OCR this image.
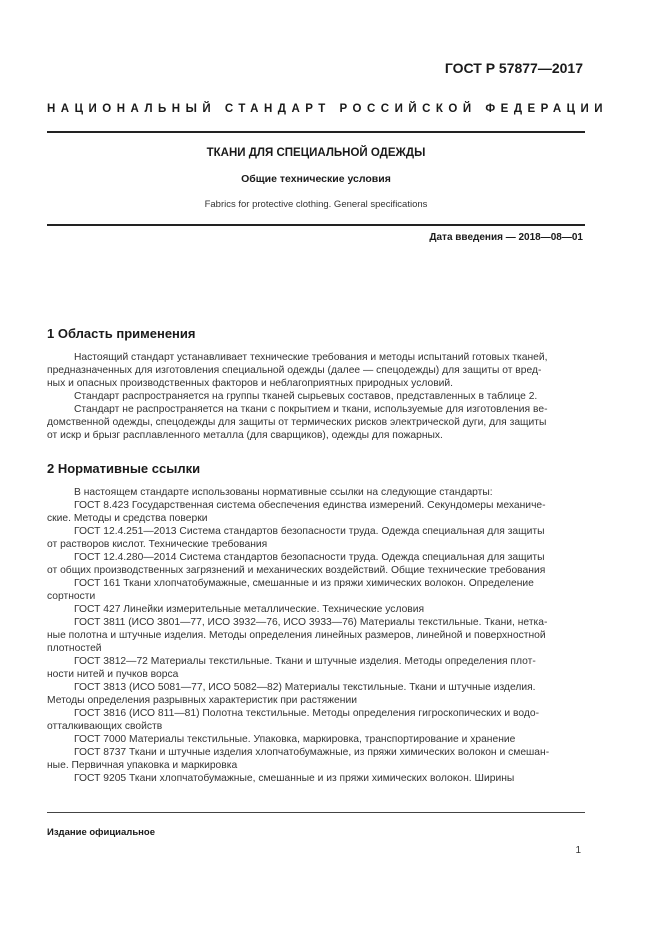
ГОСТ Р 57877—2017
НАЦИОНАЛЬНЫЙ СТАНДАРТ РОССИЙСКОЙ ФЕДЕРАЦИИ
ТКАНИ ДЛЯ СПЕЦИАЛЬНОЙ ОДЕЖДЫ
Общие технические условия
Fabrics for protective clothing. General specifications
Дата введения — 2018—08—01
1 Область применения
Настоящий стандарт устанавливает технические требования и методы испытаний готовых тканей,
предназначенных для изготовления специальной одежды (далее — спецодежды) для защиты от вред-
ных и опасных производственных факторов и неблагоприятных природных условий.
Стандарт распространяется на группы тканей сырьевых составов, представленных в таблице 2.
Стандарт не распространяется на ткани с покрытием и ткани, используемые для изготовления ве-
домственной одежды, спецодежды для защиты от термических рисков электрической дуги, для защиты
от искр и брызг расплавленного металла (для сварщиков), одежды для пожарных.
2 Нормативные ссылки
В настоящем стандарте использованы нормативные ссылки на следующие стандарты:
ГОСТ 8.423 Государственная система обеспечения единства измерений. Секундомеры механиче-
ские. Методы и средства поверки
ГОСТ 12.4.251—2013 Система стандартов безопасности труда. Одежда специальная для защиты
от растворов кислот. Технические требования
ГОСТ 12.4.280—2014 Система стандартов безопасности труда. Одежда специальная для защиты
от общих производственных загрязнений и механических воздействий. Общие технические требования
ГОСТ 161 Ткани хлопчатобумажные, смешанные и из пряжи химических волокон. Определение
сортности
ГОСТ 427 Линейки измерительные металлические. Технические условия
ГОСТ 3811 (ИСО 3801—77, ИСО 3932—76, ИСО 3933—76) Материалы текстильные. Ткани, нетка-
ные полотна и штучные изделия. Методы определения линейных размеров, линейной и поверхностной
плотностей
ГОСТ 3812—72 Материалы текстильные. Ткани и штучные изделия. Методы определения плот-
ности нитей и пучков ворса
ГОСТ 3813 (ИСО 5081—77, ИСО 5082—82) Материалы текстильные. Ткани и штучные изделия.
Методы определения разрывных характеристик при растяжении
ГОСТ 3816 (ИСО 811—81) Полотна текстильные. Методы определения гигроскопических и водо-
отталкивающих свойств
ГОСТ 7000 Материалы текстильные. Упаковка, маркировка, транспортирование и хранение
ГОСТ 8737 Ткани и штучные изделия хлопчатобумажные, из пряжи химических волокон и смешан-
ные. Первичная упаковка и маркировка
ГОСТ 9205 Ткани хлопчатобумажные, смешанные и из пряжи химических волокон. Ширины
Издание официальное
1
